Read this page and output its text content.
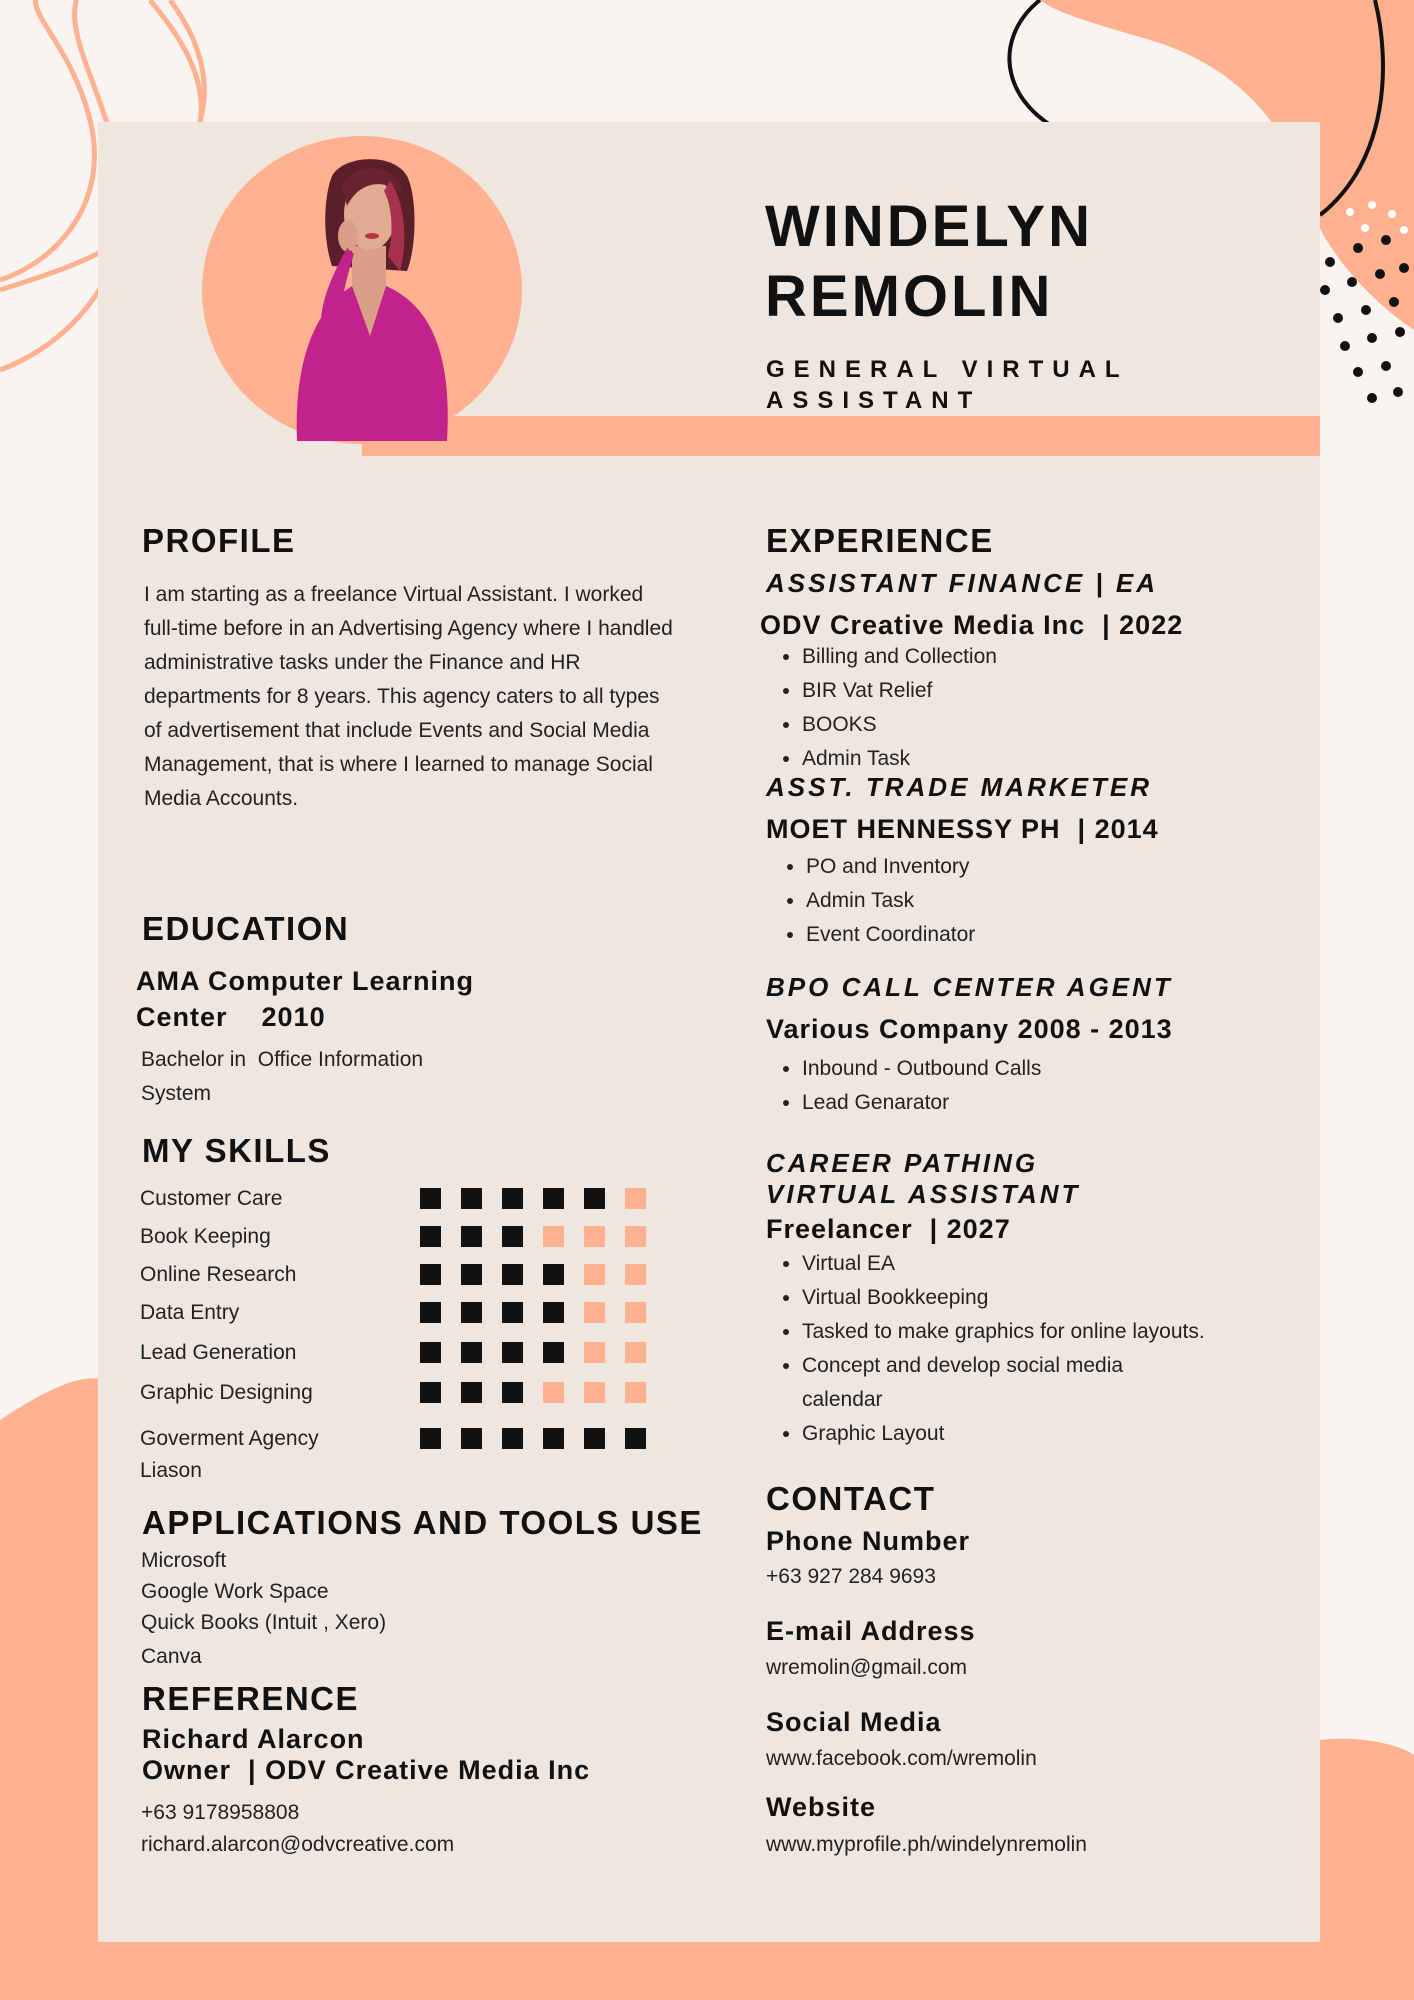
WINDELYN
REMOLIN
GENERAL VIRTUAL
ASSISTANT
PROFILE
I am starting as a freelance Virtual Assistant. I worked full-time before in an Advertising Agency where I handled administrative tasks under the Finance and HR departments for 8 years. This agency caters to all types of advertisement that include Events and Social Media Management, that is where I learned to manage Social Media Accounts.
EDUCATION
AMA Computer Learning
Center    2010
Bachelor in  Office Information
System
MY SKILLS
Customer Care
Book Keeping
Online Research
Data Entry
Lead Generation
Graphic Designing
Goverment Agency
Liason
APPLICATIONS AND TOOLS USE
Microsoft
Google Work Space
Quick Books (Intuit , Xero)
Canva
REFERENCE
Richard Alarcon
Owner  | ODV Creative Media Inc
+63 9178958808
richard.alarcon@odvcreative.com
EXPERIENCE
ASSISTANT FINANCE | EA
ODV Creative Media Inc  | 2022
• Billing and Collection
• BIR Vat Relief
• BOOKS
• Admin Task
ASST. TRADE MARKETER
MOET HENNESSY PH  | 2014
• PO and Inventory
• Admin Task
• Event Coordinator
BPO CALL CENTER AGENT
Various Company 2008 - 2013
• Inbound - Outbound Calls
• Lead Genarator
CAREER PATHING
VIRTUAL ASSISTANT
Freelancer  | 2027
• Virtual EA
• Virtual Bookkeeping
• Tasked to make graphics for online layouts.
• Concept and develop social media
calendar
• Graphic Layout
CONTACT
Phone Number
+63 927 284 9693
E-mail Address
wremolin@gmail.com
Social Media
www.facebook.com/wremolin
Website
www.myprofile.ph/windelynremolin
